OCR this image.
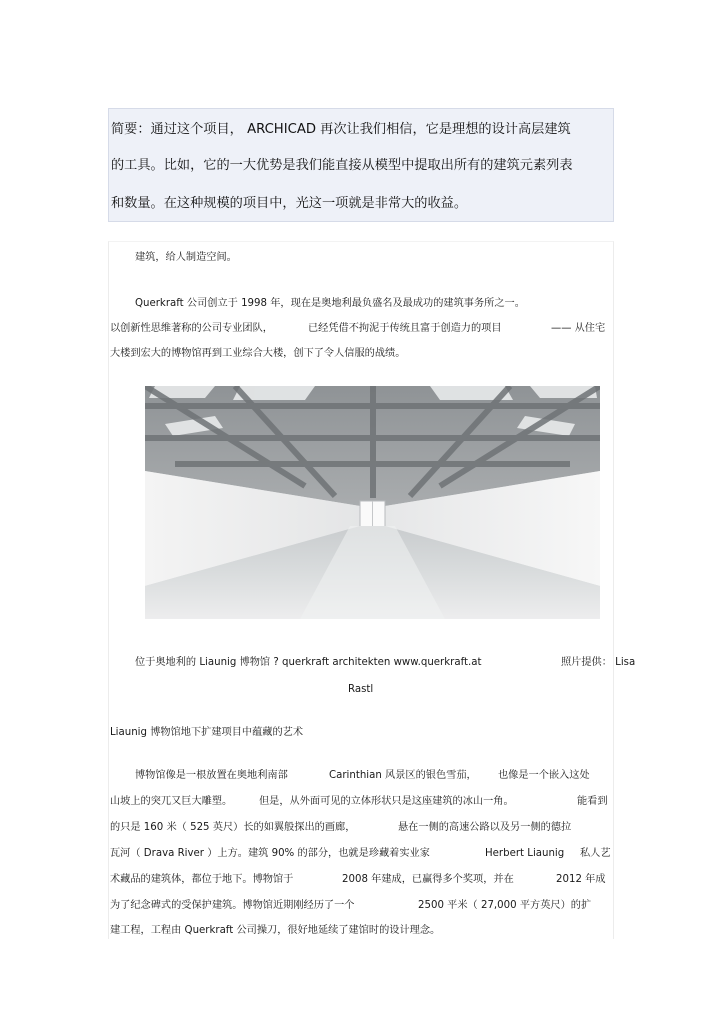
简要：通过这个项目， ARCHICAD 再次让我们相信，它是理想的设计高层建筑
的工具。比如，它的一大优势是我们能直接从模型中提取出所有的建筑元素列表
和数量。在这种规模的项目中，光这一项就是非常大的收益。
建筑，给人制造空间。
Querkraft 公司创立于 1998 年，现在是奥地利最负盛名及最成功的建筑事务所之一。
以创新性思维著称的公司专业团队，	已经凭借不拘泥于传统且富于创造力的项目	—— 从住宅
大楼到宏大的博物馆再到工业综合大楼，创下了令人信服的战绩。
位于奥地利的 Liaunig 博物馆 ? querkraft architekten www.querkraft.at	照片提供： Lisa
Rastl
Liaunig 博物馆地下扩建项目中蕴藏的艺术
博物馆像是一根放置在奥地利南部	Carinthian 风景区的银色雪茄， 也像是一个嵌入这处
山坡上的突兀又巨大雕塑。	但是，从外面可见的立体形状只是这座建筑的冰山一角。	能看到
的只是 160 米（ 525 英尺）长的如翼般探出的画廊，	悬在一侧的高速公路以及另一侧的德拉
瓦河（ Drava River ）上方。建筑 90% 的部分，也就是珍藏着实业家	Herbert Liaunig 私人艺
术藏品的建筑体，都位于地下。博物馆于	2008 年建成，已赢得多个奖项，并在	2012 年成
为了纪念碑式的受保护建筑。博物馆近期刚经历了一个	2500 平米（ 27,000 平方英尺）的扩
建工程，工程由 Querkraft 公司操刀，很好地延续了建馆时的设计理念。
